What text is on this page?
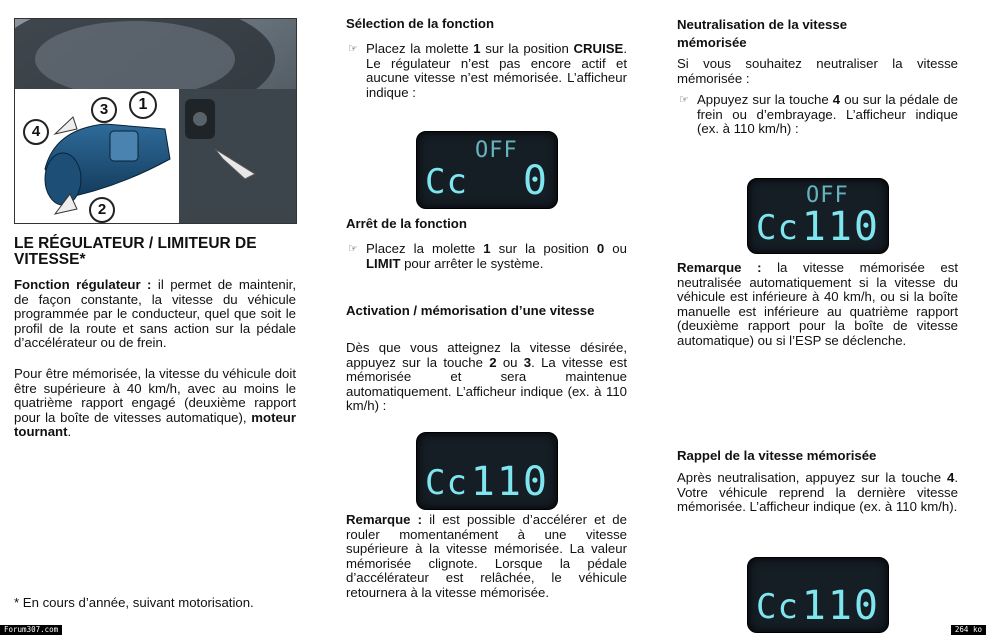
1
2
3
4
LE RÉGULATEUR / LIMITEUR DE VITESSE*

Fonction régulateur : il permet de maintenir, de façon constante, la vitesse du véhicule programmée par le conducteur, quel que soit le profil de la route et sans action sur la pédale d’accélérateur ou de frein.

Pour être mémorisée, la vitesse du véhicule doit être supérieure à 40 km/h, avec au moins le quatrième rapport engagé (deuxième rapport pour la boîte de vitesses automatique), moteur tournant.

* En cours d’année, suivant motorisation.

Sélection de la fonction

☞ Placez la molette 1 sur la position CRUISE. Le régulateur n’est pas encore actif et aucune vitesse n’est mémorisée. L’afficheur indique :

Arrêt de la fonction

☞ Placez la molette 1 sur la position 0 ou LIMIT pour arrêter le système.

Activation / mémorisation d’une vitesse

Dès que vous atteignez la vitesse désirée, appuyez sur la touche 2 ou 3. La vitesse est mémorisée et sera maintenue automatiquement. L’afficheur indique (ex. à 110 km/h) :

Remarque : il est possible d’accélérer et de rouler momentanément à une vitesse supérieure à la vitesse mémorisée. La valeur mémorisée clignote. Lorsque la pédale d’accélérateur est relâchée, le véhicule retournera à la vitesse mémorisée.

Neutralisation de la vitesse mémorisée

Si vous souhaitez neutraliser la vitesse mémorisée :

☞ Appuyez sur la touche 4 ou sur la pédale de frein ou d’embrayage. L’afficheur indique (ex. à 110 km/h) :

Remarque : la vitesse mémorisée est neutralisée automatiquement si la vitesse du véhicule est inférieure à 40 km/h, ou si la boîte manuelle est inférieure au quatrième rapport (deuxième rapport pour la boîte de vitesse automatique) ou si l’ESP se déclenche.

Rappel de la vitesse mémorisée

Après neutralisation, appuyez sur la touche 4. Votre véhicule reprend la dernière vitesse mémorisée. L’afficheur indique (ex. à 110 km/h).

OFF
Cc 0
Cc 110
OFF
Cc 110
Cc 110
Forum307.com	264 ko
